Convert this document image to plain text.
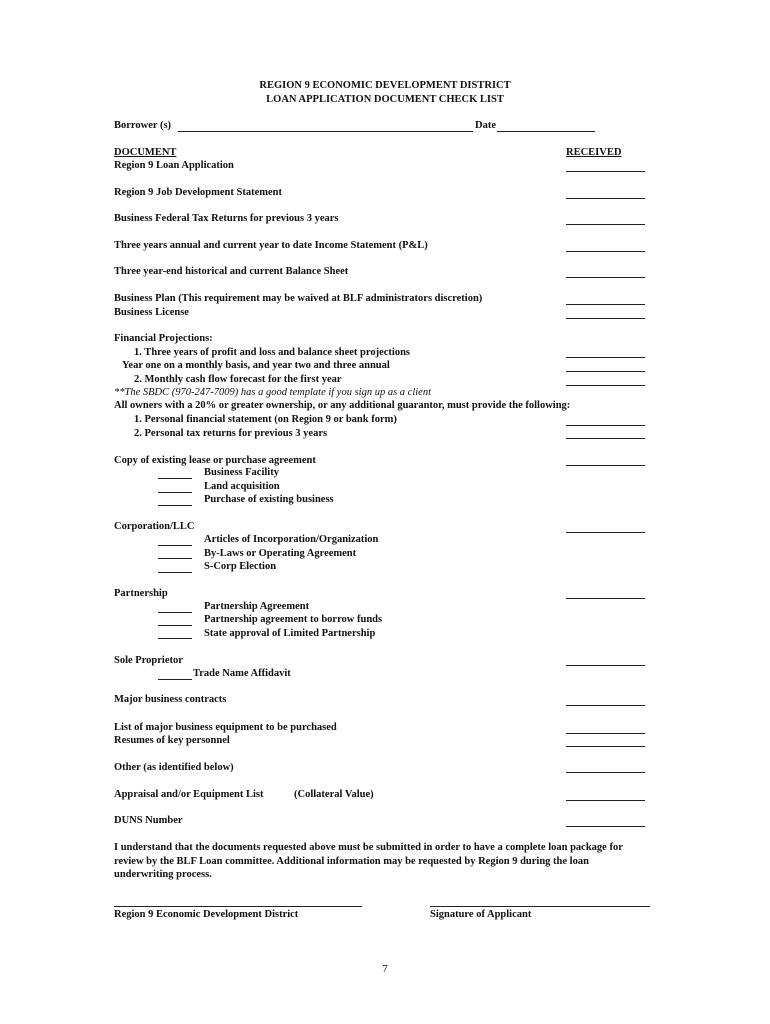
REGION 9 ECONOMIC DEVELOPMENT DISTRICT
LOAN APPLICATION DOCUMENT CHECK LIST
Borrower (s)	Date
DOCUMENT	RECEIVED
Region 9 Loan Application
Region 9 Job Development Statement
Business Federal Tax Returns for previous 3 years
Three years annual and current year to date Income Statement (P&L)
Three year-end historical and current Balance Sheet
Business Plan (This requirement may be waived at BLF administrators discretion)
Business License
Financial Projections:
1. Three years of profit and loss and balance sheet projections
Year one on a monthly basis, and year two and three annual
2. Monthly cash flow forecast for the first year
**The SBDC (970-247-7009) has a good template if you sign up as a client
All owners with a 20% or greater ownership, or any additional guarantor, must provide the following:
1. Personal financial statement (on Region 9 or bank form)
2. Personal tax returns for previous 3 years
Copy of existing lease or purchase agreement
Business Facility
Land acquisition
Purchase of existing business
Corporation/LLC
Articles of Incorporation/Organization
By-Laws or Operating Agreement
S-Corp Election
Partnership
Partnership Agreement
Partnership agreement to borrow funds
State approval of Limited Partnership
Sole Proprietor
Trade Name Affidavit
Major business contracts
List of major business equipment to be purchased
Resumes of key personnel
Other (as identified below)
Appraisal and/or Equipment List	(Collateral Value)
DUNS Number
I understand that the documents requested above must be submitted in order to have a complete loan package for review by the BLF Loan committee. Additional information may be requested by Region 9 during the loan underwriting process.
Region 9 Economic Development District	Signature of Applicant
7
